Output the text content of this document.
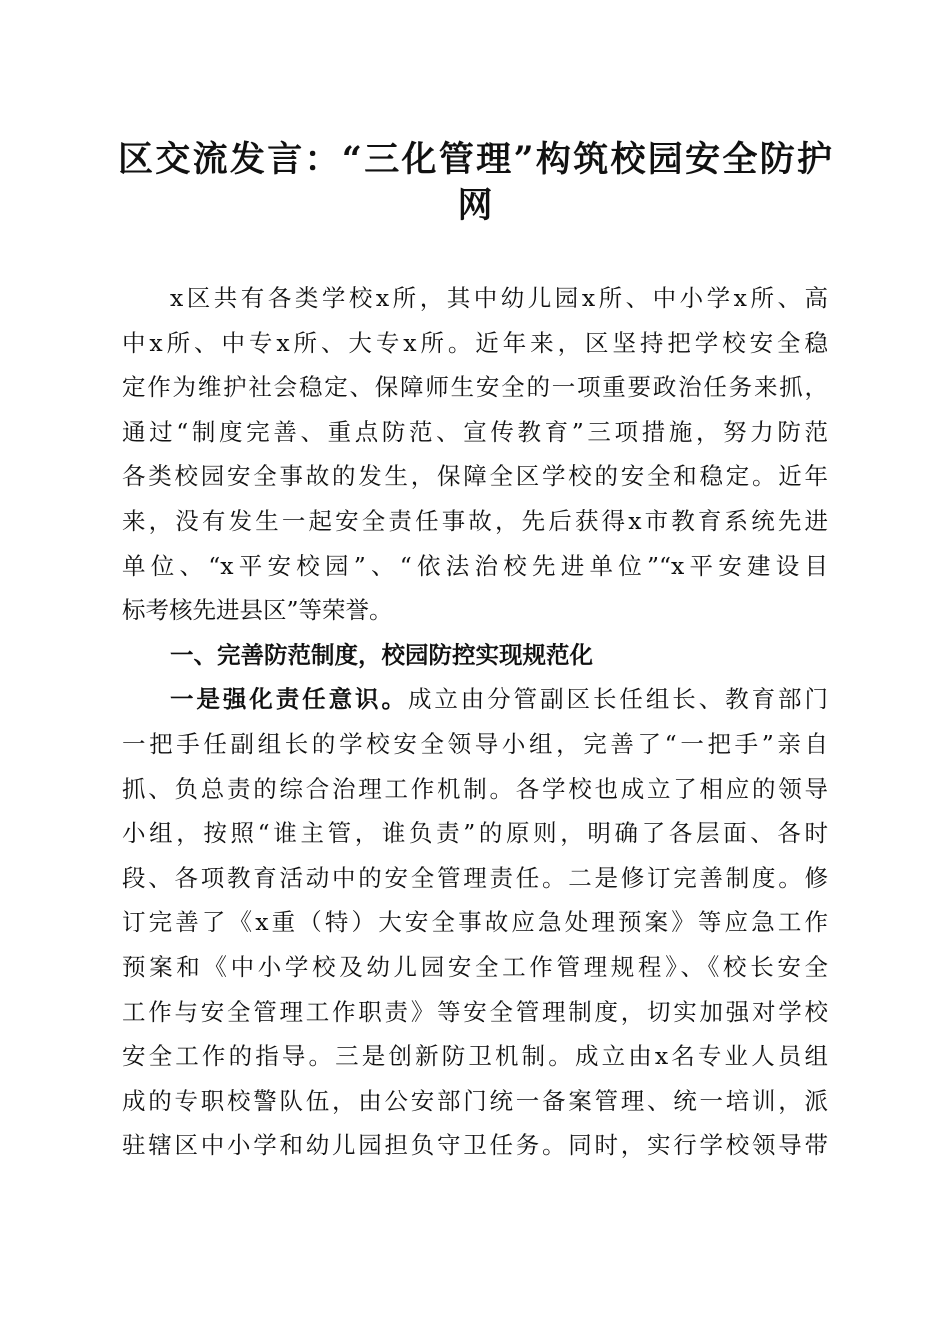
区交流发言：“三化管理”构筑校园安全防护
网
x区共有各类学校x所，其中幼儿园x所、中小学x所、高
中x所、中专x所、大专x所。近年来，区坚持把学校安全稳
定作为维护社会稳定、保障师生安全的一项重要政治任务来抓，
通过“制度完善、重点防范、宣传教育”三项措施，努力防范
各类校园安全事故的发生，保障全区学校的安全和稳定。近年
来，没有发生一起安全责任事故，先后获得x市教育系统先进
单位、“x平安校园”、“依法治校先进单位”“x平安建设目
标考核先进县区”等荣誉。
一、完善防范制度，校园防控实现规范化
一是强化责任意识。成立由分管副区长任组长、教育部门
一把手任副组长的学校安全领导小组，完善了“一把手”亲自
抓、负总责的综合治理工作机制。各学校也成立了相应的领导
小组，按照“谁主管，谁负责”的原则，明确了各层面、各时
段、各项教育活动中的安全管理责任。二是修订完善制度。修
订完善了《x重（特）大安全事故应急处理预案》等应急工作
预案和《中小学校及幼儿园安全工作管理规程》、《校长安全
工作与安全管理工作职责》等安全管理制度，切实加强对学校
安全工作的指导。三是创新防卫机制。成立由x名专业人员组
成的专职校警队伍，由公安部门统一备案管理、统一培训，派
驻辖区中小学和幼儿园担负守卫任务。同时，实行学校领导带
